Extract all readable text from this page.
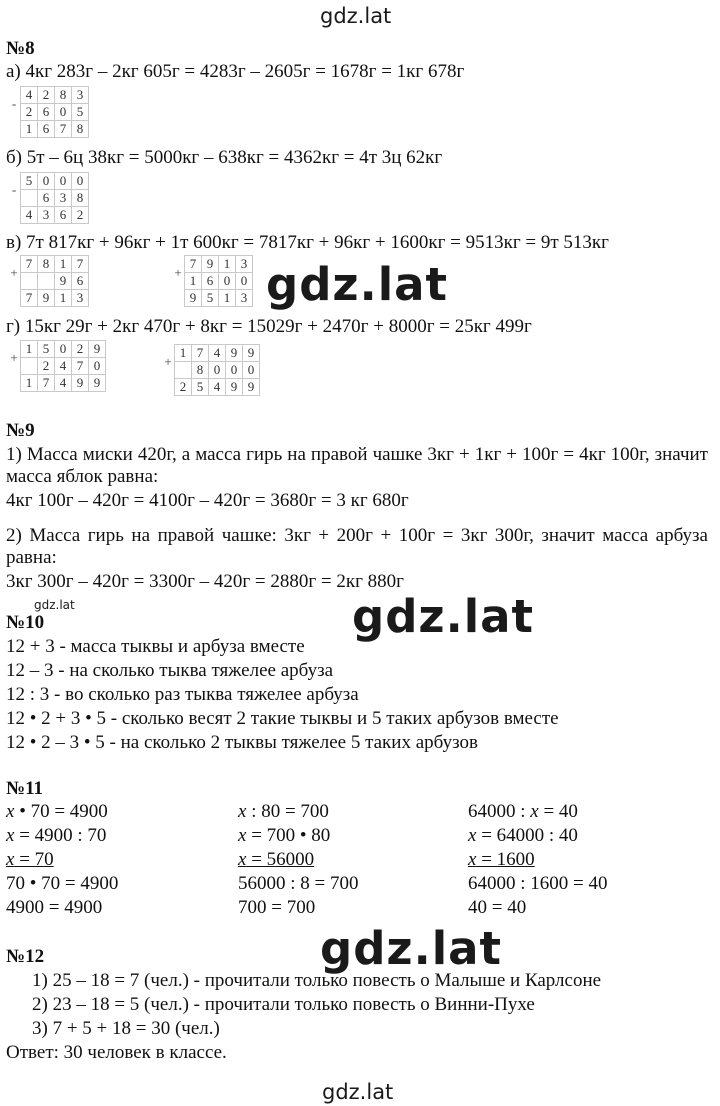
gdz.lat
gdz.lat
gdz.lat
gdz.lat
gdz.lat
gdz.lat
№8
а) 4кг 283г – 2кг 605г = 4283г – 2605г = 1678г = 1кг 678г
-	4	2	8	3
	2	6	0	5
	1	6	7	8
б) 5т – 6ц 38кг = 5000кг – 638кг = 4362кг = 4т 3ц 62кг
-	5	0	0	0
		6	3	8
	4	3	6	2
в) 7т 817кг + 96кг + 1т 600кг = 7817кг + 96кг + 1600кг = 9513кг = 9т 513кг
+	7	8	1	7
			9	6
	7	9	1	3
+	7	9	1	3
	1	6	0	0
	9	5	1	3
г) 15кг 29г + 2кг 470г + 8кг = 15029г + 2470г + 8000г = 25кг 499г
+	1	5	0	2	9
		2	4	7	0
	1	7	4	9	9
+	1	7	4	9	9
		8	0	0	0
	2	5	4	9	9
№9
1) Масса миски 420г, а масса гирь на правой чашке 3кг + 1кг + 100г = 4кг 100г, значит масса яблок равна:
4кг 100г – 420г = 4100г – 420г = 3680г = 3 кг 680г
2) Масса гирь на правой чашке: 3кг + 200г + 100г = 3кг 300г, значит масса арбуза равна:
3кг 300г – 420г = 3300г – 420г = 2880г = 2кг 880г
№10
12 + 3 - масса тыквы и арбуза вместе
12 – 3 - на сколько тыква тяжелее арбуза
12 : 3 - во сколько раз тыква тяжелее арбуза
12 • 2 + 3 • 5 - сколько весят 2 такие тыквы и 5 таких арбузов вместе
12 • 2 – 3 • 5 - на сколько 2 тыквы тяжелее 5 таких арбузов
№11
x • 70 = 4900
x = 4900 : 70
x = 70
70 • 70 = 4900
4900 = 4900
x : 80 = 700
x = 700 • 80
x = 56000
56000 : 8 = 700
700 = 700
64000 : x = 40
x = 64000 : 40
x = 1600
64000 : 1600 = 40
40 = 40
№12
1) 25 – 18 = 7 (чел.) - прочитали только повесть о Малыше и Карлсоне
2) 23 – 18 = 5 (чел.) - прочитали только повесть о Винни-Пухе
3) 7 + 5 + 18 = 30 (чел.)
Ответ: 30 человек в классе.
